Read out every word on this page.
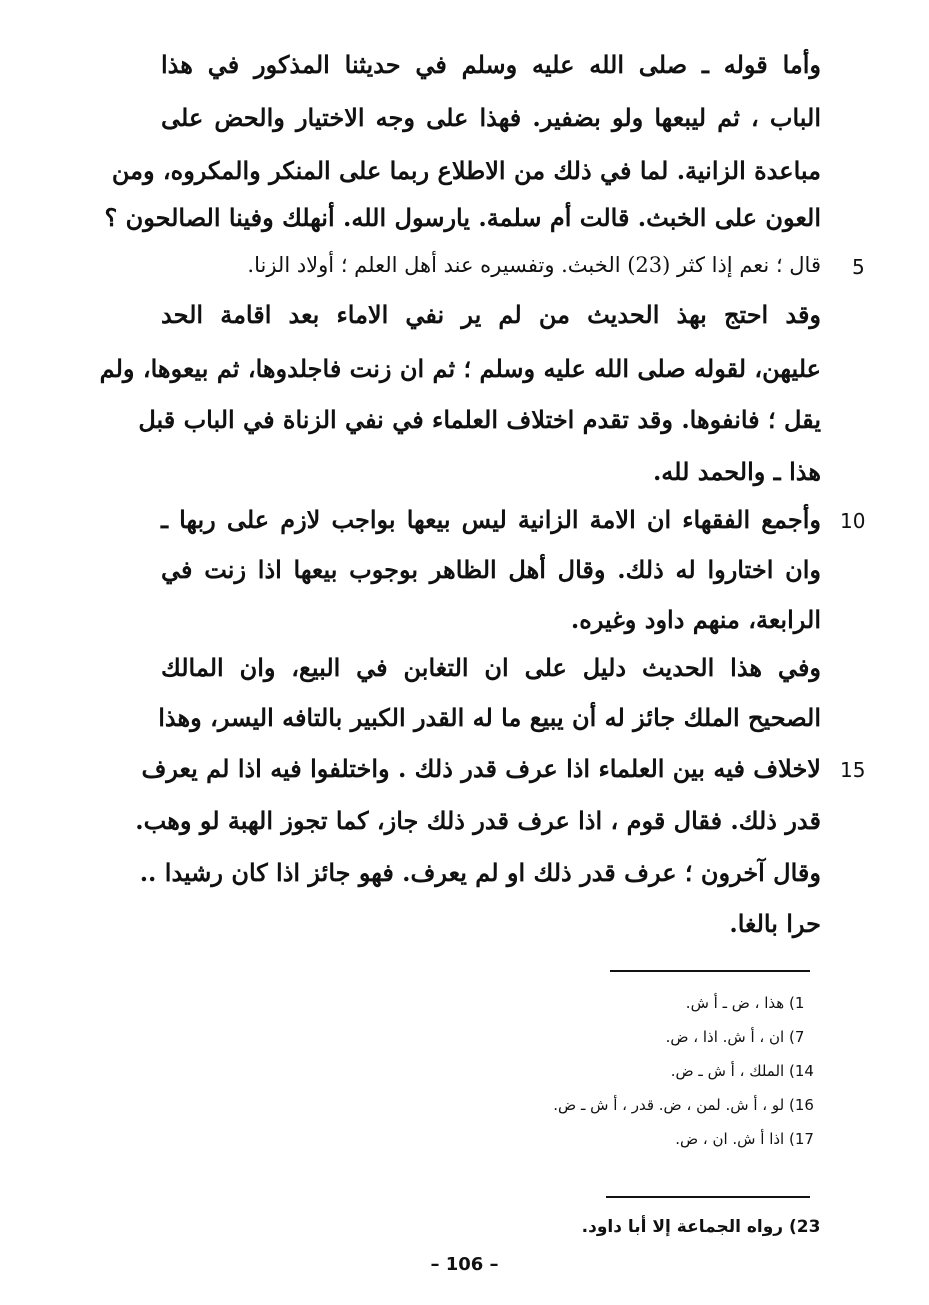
وأما قوله ـ صلى الله عليه وسلم في حديثنا المذكور في هذا
الباب ، ثم ليبعها ولو بضفير. فهذا على وجه الاختيار والحض على
مباعدة الزانية. لما في ذلك من الاطلاع ربما على المنكر والمكروه، ومن
العون على الخبث. قالت أم سلمة. يارسول الله. أنهلك وفينا الصالحون ؟
قال ؛ نعم إذا كثر (23) الخبث. وتفسيره عند أهل العلم ؛ أولاد الزنا.
وقد احتج بهذ الحديث من لم ير نفي الاماء بعد اقامة الحد
عليهن، لقوله صلى الله عليه وسلم ؛ ثم ان زنت فاجلدوها، ثم بيعوها، ولم
يقل ؛ فانفوها. وقد تقدم اختلاف العلماء في نفي الزناة في الباب قبل
هذا ـ والحمد لله.
وأجمع الفقهاء ان الامة الزانية ليس بيعها بواجب لازم على ربها ـ
وان اختاروا له ذلك. وقال أهل الظاهر بوجوب بيعها اذا زنت في
الرابعة، منهم داود وغيره.
وفي هذا الحديث دليل على ان التغابن في البيع، وان المالك
الصحيح الملك جائز له أن يبيع ما له القدر الكبير بالتافه اليسر، وهذا
لاخلاف فيه بين العلماء اذا عرف قدر ذلك . واختلفوا فيه اذا لم يعرف
قدر ذلك. فقال قوم ، اذا عرف قدر ذلك جاز، كما تجوز الهبة لو وهب.
وقال آخرون ؛ عرف قدر ذلك او لم يعرف. فهو جائز اذا كان رشيدا ..
حرا بالغا.
5
10
15
1) هذا ، ض ـ أ ش.
7) ان ، أ ش. اذا ، ض.
14) الملك ، أ ش ـ ض.
16) لو ، أ ش. لمن ، ض. قدر ، أ ش ـ ض.
17) اذا أ ش. ان ، ض.
23) رواه الجماعة إلا أبا داود.
– 106 –
